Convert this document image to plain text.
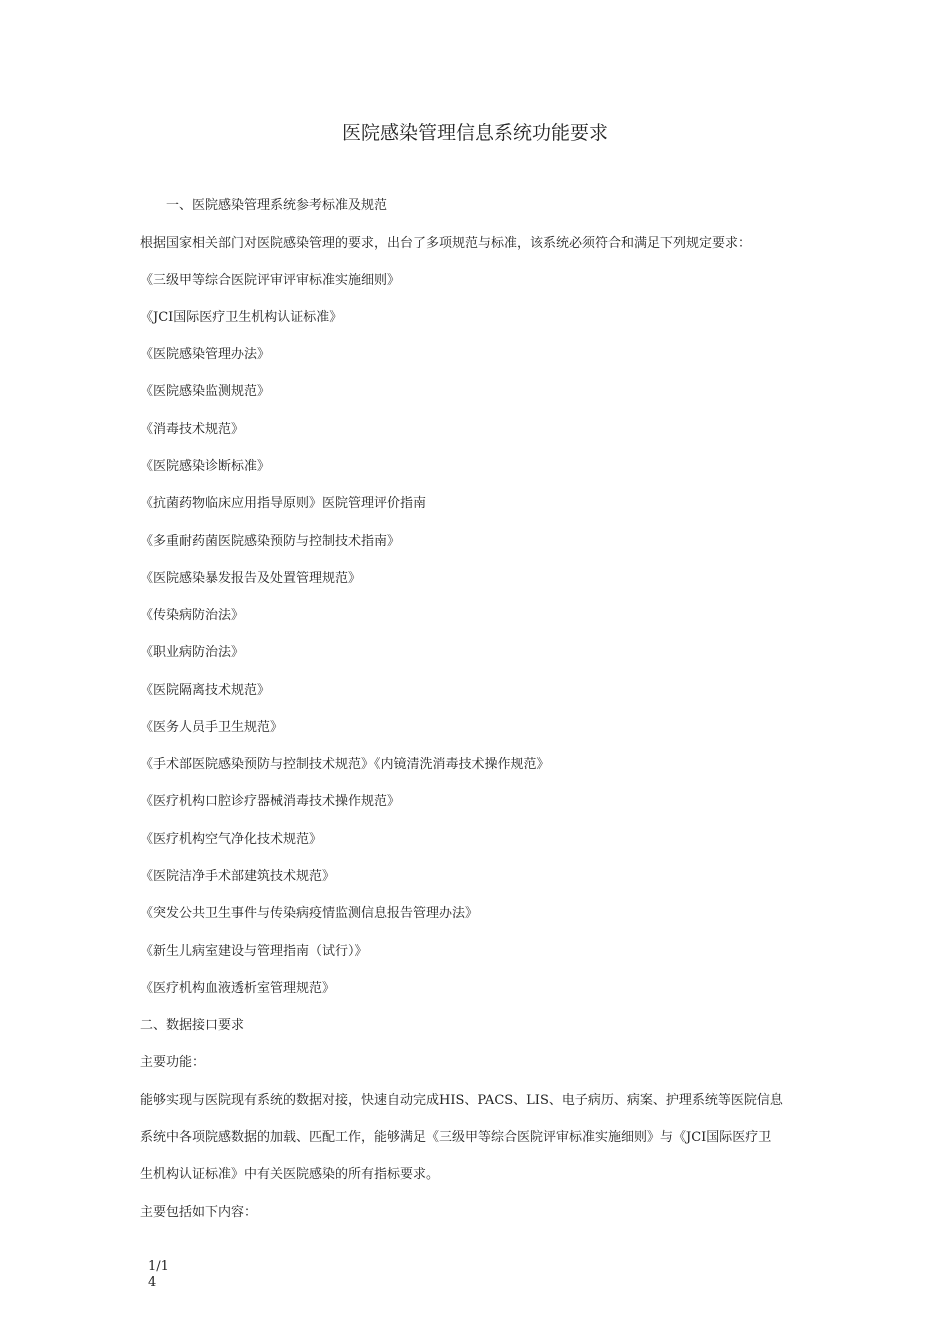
医院感染管理信息系统功能要求
一、医院感染管理系统参考标准及规范
根据国家相关部门对医院感染管理的要求，出台了多项规范与标准，该系统必须符合和满足下列规定要求：
《三级甲等综合医院评审评审标准实施细则》
《JCI国际医疗卫生机构认证标准》
《医院感染管理办法》
《医院感染监测规范》
《消毒技术规范》
《医院感染诊断标准》
《抗菌药物临床应用指导原则》医院管理评价指南
《多重耐药菌医院感染预防与控制技术指南》
《医院感染暴发报告及处置管理规范》
《传染病防治法》
《职业病防治法》
《医院隔离技术规范》
《医务人员手卫生规范》
《手术部医院感染预防与控制技术规范》《内镜清洗消毒技术操作规范》
《医疗机构口腔诊疗器械消毒技术操作规范》
《医疗机构空气净化技术规范》
《医院洁净手术部建筑技术规范》
《突发公共卫生事件与传染病疫情监测信息报告管理办法》
《新生儿病室建设与管理指南（试行）》
《医疗机构血液透析室管理规范》
二、数据接口要求
主要功能：
能够实现与医院现有系统的数据对接，快速自动完成HIS、PACS、LIS、电子病历、病案、护理系统等医院信息
系统中各项院感数据的加载、匹配工作，能够满足《三级甲等综合医院评审标准实施细则》与《JCI国际医疗卫
生机构认证标准》中有关医院感染的所有指标要求。
主要包括如下内容：
1/1
4
